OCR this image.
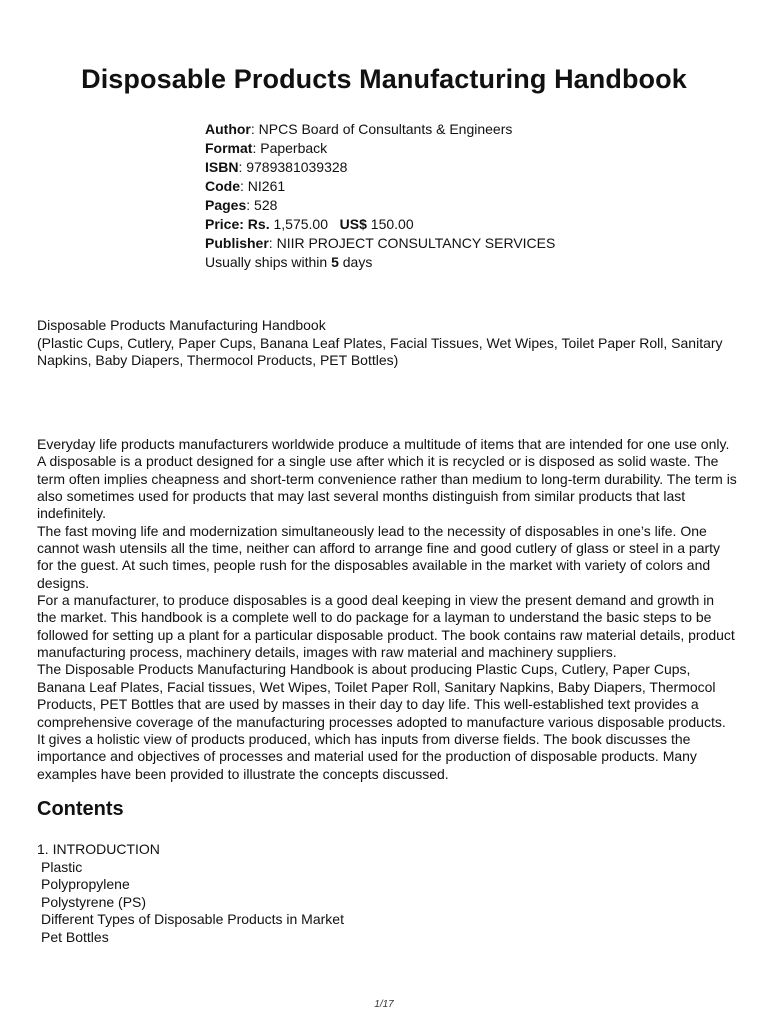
Disposable Products Manufacturing Handbook
Author: NPCS Board of Consultants & Engineers
Format: Paperback
ISBN: 9789381039328
Code: NI261
Pages: 528
Price: Rs. 1,575.00 US$ 150.00
Publisher: NIIR PROJECT CONSULTANCY SERVICES
Usually ships within 5 days
Disposable Products Manufacturing Handbook
(Plastic Cups, Cutlery, Paper Cups, Banana Leaf Plates, Facial Tissues, Wet Wipes, Toilet Paper Roll, Sanitary Napkins, Baby Diapers, Thermocol Products, PET Bottles)

Everyday life products manufacturers worldwide produce a multitude of items that are intended for one use only. A disposable is a product designed for a single use after which it is recycled or is disposed as solid waste. The term often implies cheapness and short-term convenience rather than medium to long-term durability. The term is also sometimes used for products that may last several months distinguish from similar products that last indefinitely.

The fast moving life and modernization simultaneously lead to the necessity of disposables in one’s life. One cannot wash utensils all the time, neither can afford to arrange fine and good cutlery of glass or steel in a party for the guest. At such times, people rush for the disposables available in the market with variety of colors and designs.

For a manufacturer, to produce disposables is a good deal keeping in view the present demand and growth in the market. This handbook is a complete well to do package for a layman to understand the basic steps to be followed for setting up a plant for a particular disposable product. The book contains raw material details, product manufacturing process, machinery details, images with raw material and machinery suppliers.

The Disposable Products Manufacturing Handbook is about producing Plastic Cups, Cutlery, Paper Cups, Banana Leaf Plates, Facial tissues, Wet Wipes, Toilet Paper Roll, Sanitary Napkins, Baby Diapers, Thermocol Products, PET Bottles that are used by masses in their day to day life. This well-established text provides a comprehensive coverage of the manufacturing processes adopted to manufacture various disposable products. It gives a holistic view of products produced, which has inputs from diverse fields. The book discusses the importance and objectives of processes and material used for the production of disposable products. Many examples have been provided to illustrate the concepts discussed.

Contents
1. INTRODUCTION
Plastic
Polypropylene
Polystyrene (PS)
Different Types of Disposable Products in Market
Pet Bottles
1/17
